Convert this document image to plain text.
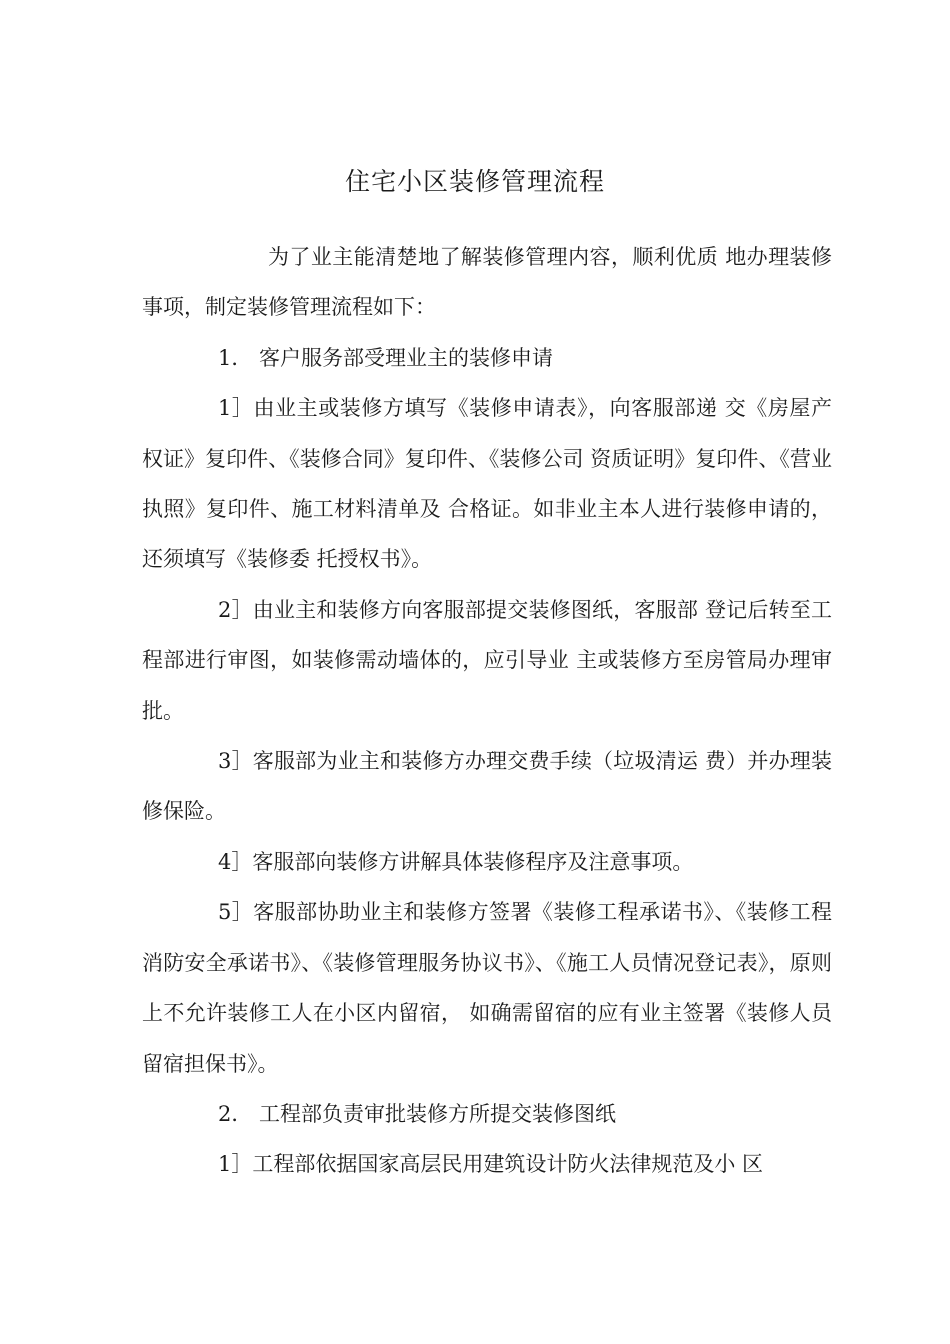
住宅小区装修管理流程

为了业主能清楚地了解装修管理内容，顺利优质 地办理装修事项，制定装修管理流程如下：

1． 客户服务部受理业主的装修申请

1］由业主或装修方填写《装修申请表》，向客服部递 交《房屋产权证》复印件、《装修合同》复印件、《装修公司 资质证明》复印件、《营业执照》复印件、施工材料清单及 合格证。如非业主本人进行装修申请的，还须填写《装修委 托授权书》。

2］由业主和装修方向客服部提交装修图纸，客服部 登记后转至工程部进行审图，如装修需动墙体的，应引导业 主或装修方至房管局办理审批。

3］客服部为业主和装修方办理交费手续（垃圾清运 费）并办理装修保险。

4］客服部向装修方讲解具体装修程序及注意事项。

5］客服部协助业主和装修方签署《装修工程承诺书》、《装修工程消防安全承诺书》、《装修管理服务协议书》、《施工人员情况登记表》，原则上不允许装修工人在小区内留宿， 如确需留宿的应有业主签署《装修人员留宿担保书》。

2． 工程部负责审批装修方所提交装修图纸

1］工程部依据国家高层民用建筑设计防火法律规范及小 区
